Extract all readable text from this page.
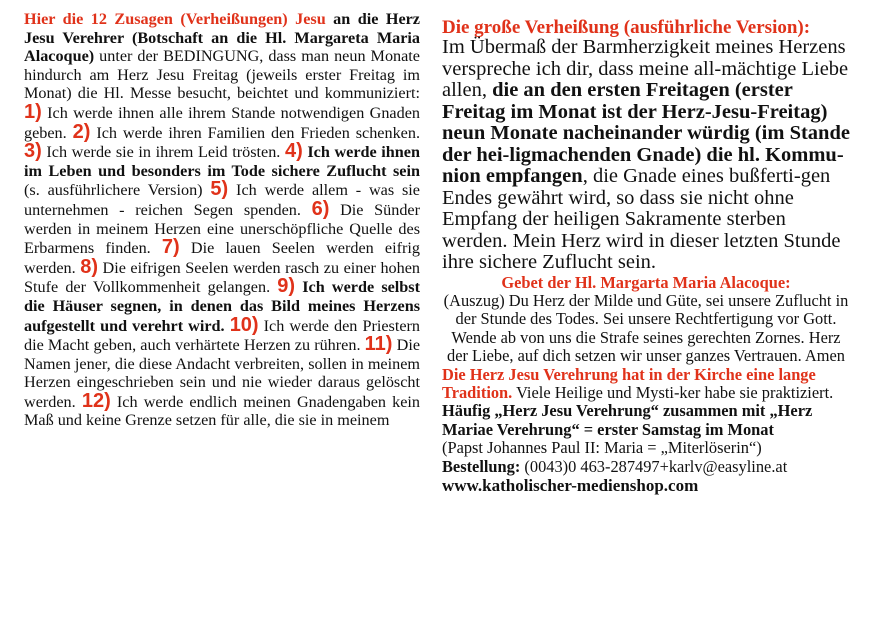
Hier die 12 Zusagen (Verheißungen) Jesu an die Herz Jesu Verehrer (Botschaft an die Hl. Margareta Maria Alacoque) unter der BEDINGUNG, dass man neun Monate hindurch am Herz Jesu Freitag (jeweils erster Freitag im Monat) die Hl. Messe besucht, beichtet und kommuniziert: 1) Ich werde ihnen alle ihrem Stande notwendigen Gnaden geben. 2) Ich werde ihren Familien den Frieden schenken. 3) Ich werde sie in ihrem Leid trösten. 4) Ich werde ihnen im Leben und besonders im Tode sichere Zuflucht sein (s. ausführlichere Version) 5) Ich werde allem - was sie unternehmen - reichen Segen spenden. 6) Die Sünder werden in meinem Herzen eine unerschöpfliche Quelle des Erbarmens finden. 7) Die lauen Seelen werden eifrig werden. 8) Die eifrigen Seelen werden rasch zu einer hohen Stufe der Vollkommenheit gelangen. 9) Ich werde selbst die Häuser segnen, in denen das Bild meines Herzens aufgestellt und verehrt wird. 10) Ich werde den Priestern die Macht geben, auch verhärtete Herzen zu rühren. 11) Die Namen jener, die diese Andacht verbreiten, sollen in meinem Herzen eingeschrieben sein und nie wieder daraus gelöscht werden. 12) Ich werde endlich meinen Gnadengaben kein Maß und keine Grenze setzen für alle, die sie in meinem

Die große Verheißung (ausführliche Version):

Im Übermaß der Barmherzigkeit meines Herzens verspreche ich dir, dass meine all-mächtige Liebe allen, die an den ersten Freitagen (erster Freitag im Monat ist der Herz-Jesu-Freitag) neun Monate nacheinander würdig (im Stande der hei-ligmachenden Gnade) die hl. Kommu-nion empfangen, die Gnade eines bußferti-gen Endes gewährt wird, so dass sie nicht ohne Empfang der heiligen Sakramente sterben werden. Mein Herz wird in dieser letzten Stunde ihre sichere Zuflucht sein.

Gebet der Hl. Margarta Maria Alacoque:

(Auszug) Du Herz der Milde und Güte, sei unsere Zuflucht in der Stunde des Todes. Sei unsere Rechtfertigung vor Gott. Wende ab von uns die Strafe seines gerechten Zornes. Herz der Liebe, auf dich setzen wir unser ganzes Vertrauen. Amen

Die Herz Jesu Verehrung hat in der Kirche eine lange Tradition. Viele Heilige und Mysti-ker habe sie praktiziert. Häufig „Herz Jesu Verehrung“ zusammen mit „Herz Mariae Verehrung“ = erster Samstag im Monat

(Papst Johannes Paul II: Maria = „Miterlöserin“)

Bestellung: (0043)0 463-287497+karlv@easyline.at

www.katholischer-medienshop.com
